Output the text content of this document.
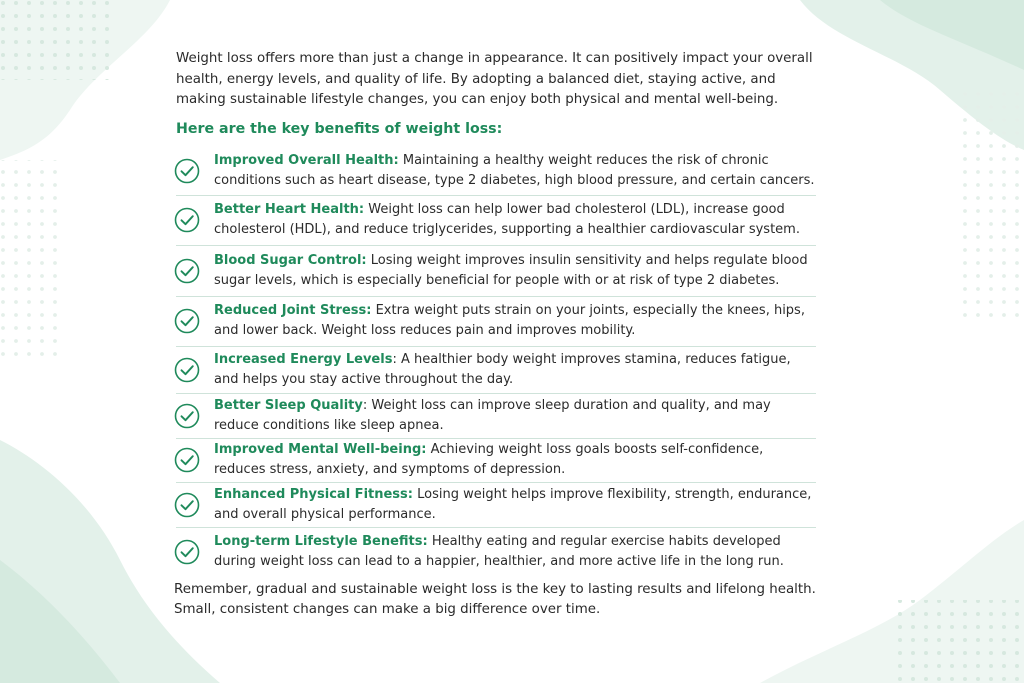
Weight loss offers more than just a change in appearance. It can positively impact your overall health, energy levels, and quality of life. By adopting a balanced diet, staying active, and making sustainable lifestyle changes, you can enjoy both physical and mental well-being.

Here are the key benefits of weight loss:

Improved Overall Health: Maintaining a healthy weight reduces the risk of chronic conditions such as heart disease, type 2 diabetes, high blood pressure, and certain cancers.

Better Heart Health: Weight loss can help lower bad cholesterol (LDL), increase good cholesterol (HDL), and reduce triglycerides, supporting a healthier cardiovascular system.

Blood Sugar Control: Losing weight improves insulin sensitivity and helps regulate blood sugar levels, which is especially beneficial for people with or at risk of type 2 diabetes.

Reduced Joint Stress: Extra weight puts strain on your joints, especially the knees, hips, and lower back. Weight loss reduces pain and improves mobility.

Increased Energy Levels: A healthier body weight improves stamina, reduces fatigue, and helps you stay active throughout the day.

Better Sleep Quality: Weight loss can improve sleep duration and quality, and may reduce conditions like sleep apnea.

Improved Mental Well-being: Achieving weight loss goals boosts self-confidence, reduces stress, anxiety, and symptoms of depression.

Enhanced Physical Fitness: Losing weight helps improve flexibility, strength, endurance, and overall physical performance.

Long-term Lifestyle Benefits: Healthy eating and regular exercise habits developed during weight loss can lead to a happier, healthier, and more active life in the long run.

Remember, gradual and sustainable weight loss is the key to lasting results and lifelong health. Small, consistent changes can make a big difference over time.
